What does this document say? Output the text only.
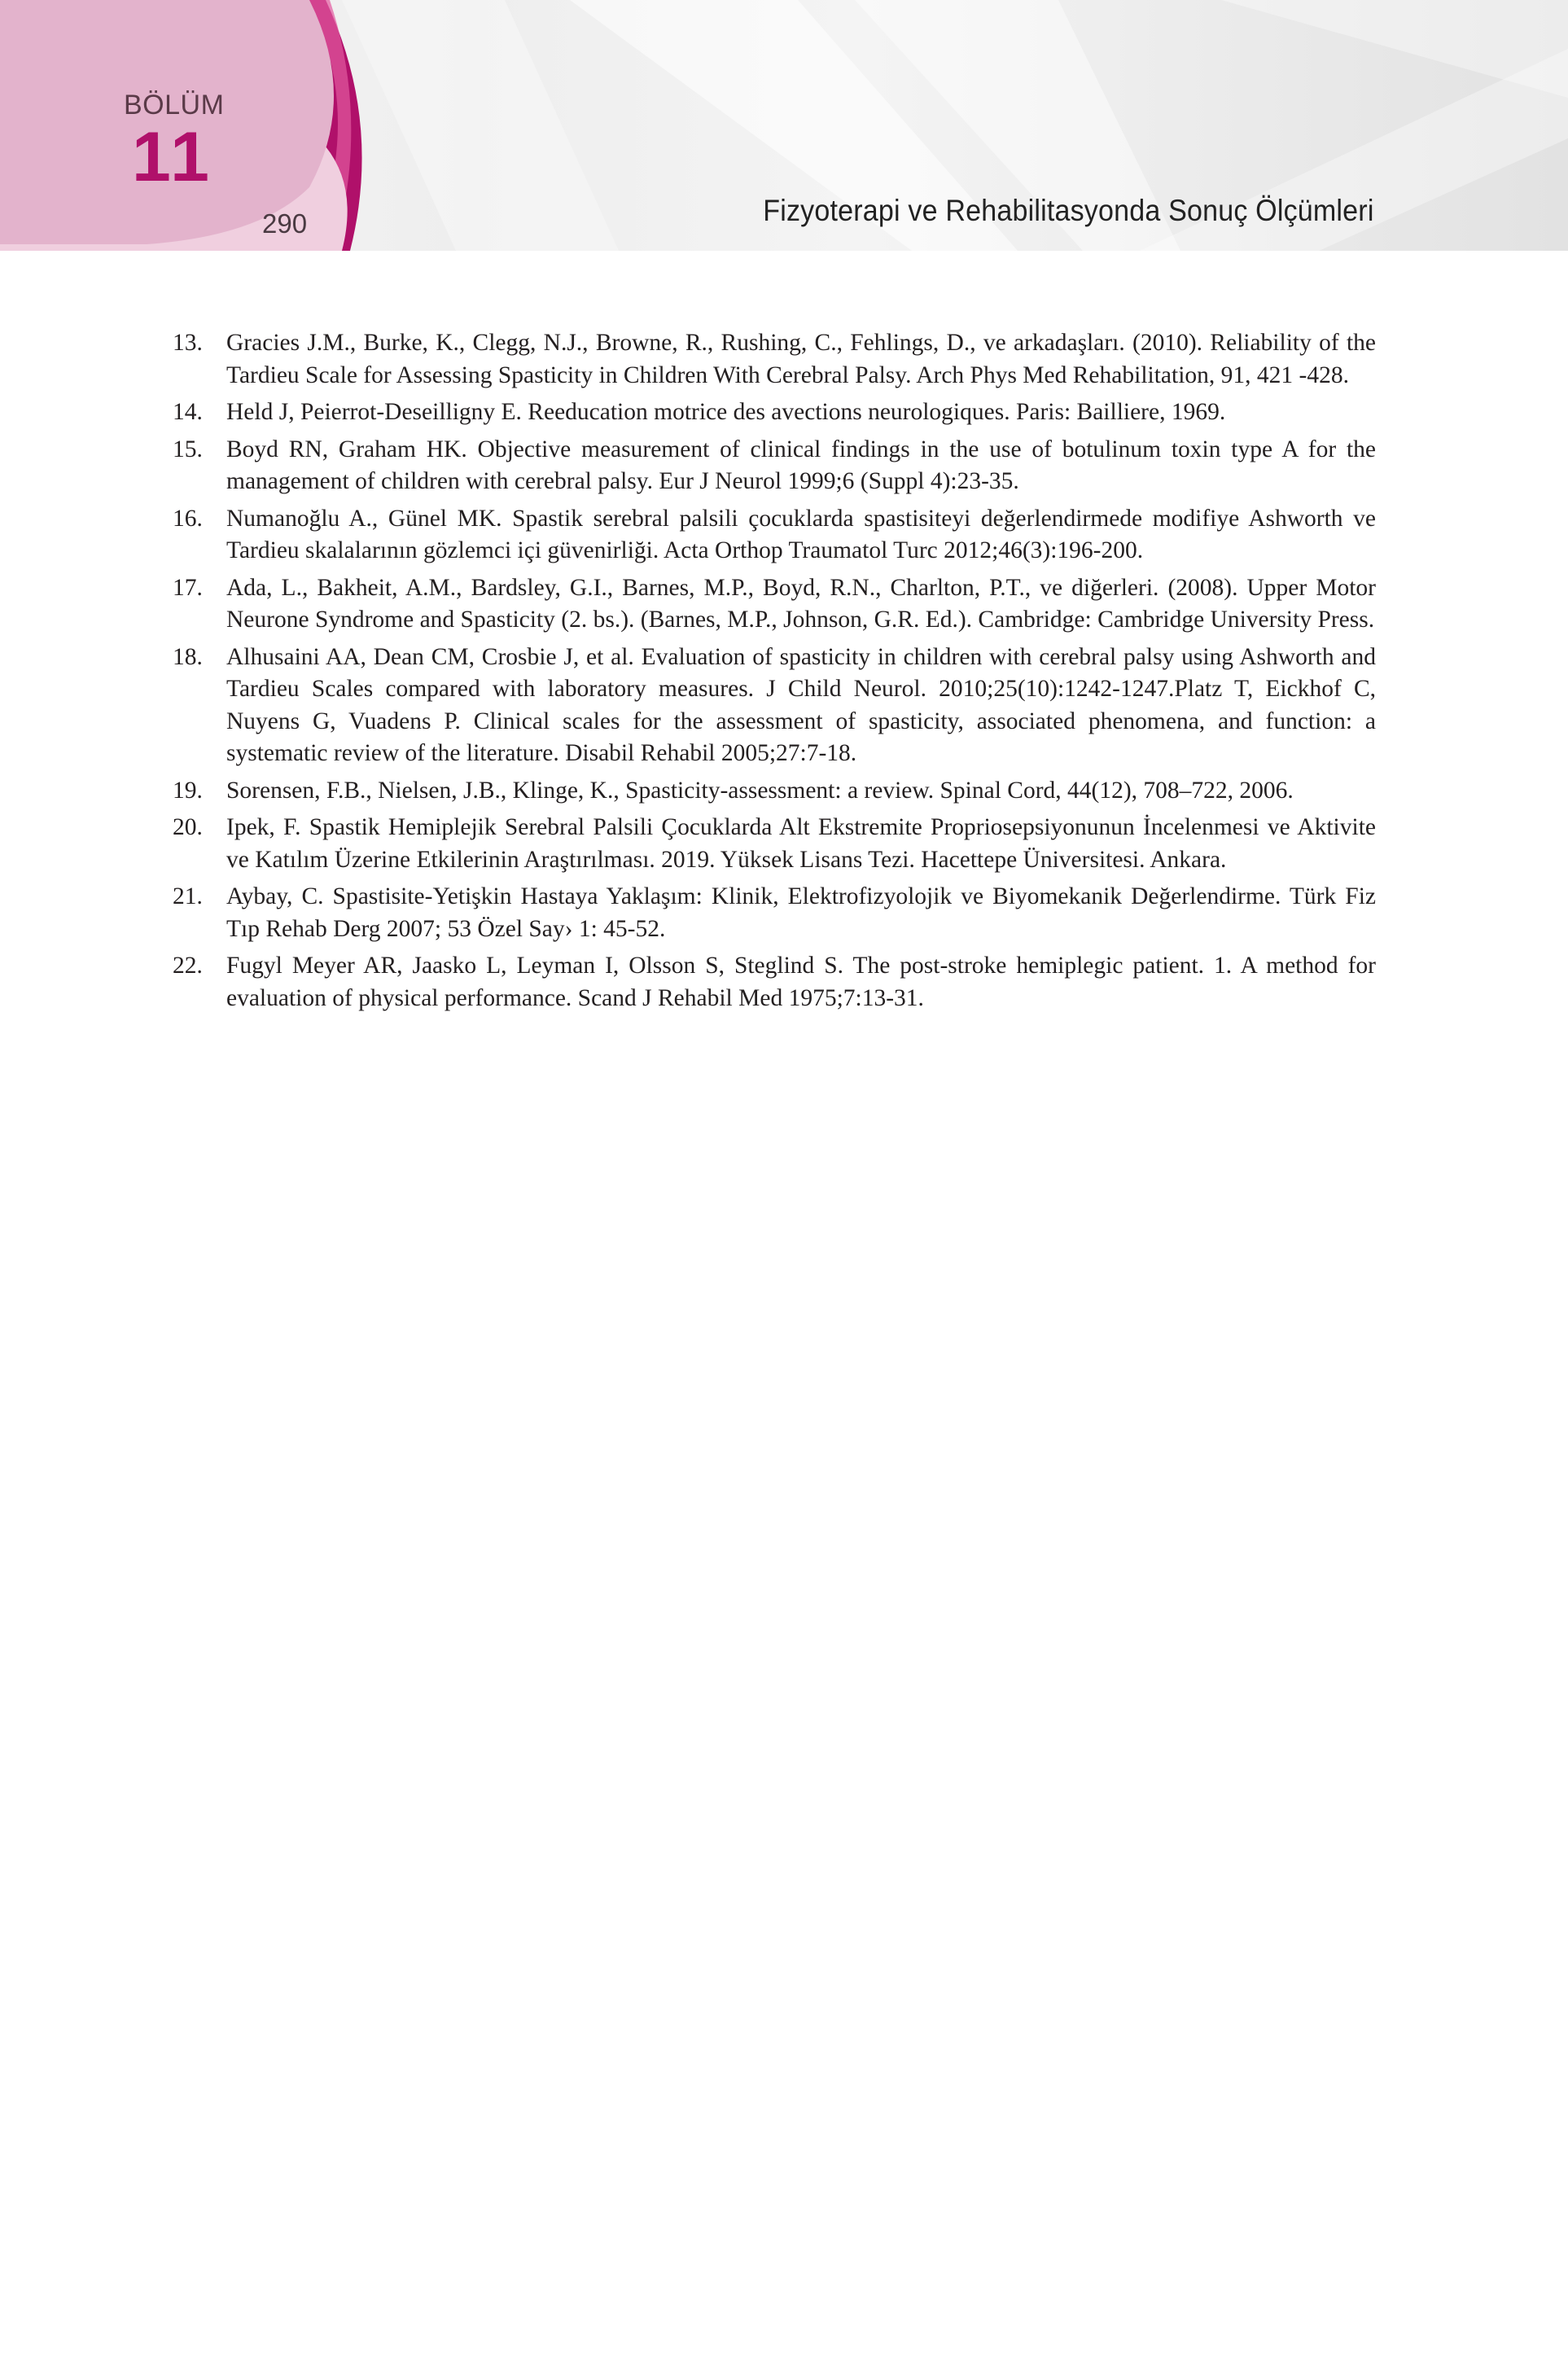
BÖLÜM
11
290	Fizyoterapi ve Rehabilitasyonda Sonuç Ölçümleri
13. Gracies J.M., Burke, K., Clegg, N.J., Browne, R., Rushing, C., Fehlings, D., ve arkadaşları. (2010). Reliability of the Tardieu Scale for Assessing Spasticity in Children With Cerebral Palsy. Arch Phys Med Rehabilitation, 91, 421 -428.
14. Held J, Peierrot-Deseilligny E. Reeducation motrice des avections neurologiques. Paris: Bailliere, 1969.
15. Boyd RN, Graham HK. Objective measurement of clinical findings in the use of botulinum toxin type A for the management of children with cerebral palsy. Eur J Neurol 1999;6 (Suppl 4):23-35.
16. Numanoğlu A., Günel MK. Spastik serebral palsili çocuklarda spastisiteyi değerlendirmede modifiye Ashworth ve Tardieu skalalarının gözlemci içi güvenirliği. Acta Orthop Traumatol Turc 2012;46(3):196-200.
17. Ada, L., Bakheit, A.M., Bardsley, G.I., Barnes, M.P., Boyd, R.N., Charlton, P.T., ve diğerleri. (2008). Upper Motor Neurone Syndrome and Spasticity (2. bs.). (Barnes, M.P., Johnson, G.R. Ed.). Cambridge: Cambridge University Press.
18. Alhusaini AA, Dean CM, Crosbie J, et al. Evaluation of spasticity in children with cerebral palsy using Ashworth and Tardieu Scales compared with laboratory measures. J Child Neurol. 2010;25(10):1242-1247.Platz T, Eickhof C, Nuyens G, Vuadens P. Clinical scales for the assessment of spasticity, associated phenomena, and function: a systematic review of the literature. Disabil Rehabil 2005;27:7-18.
19. Sorensen, F.B., Nielsen, J.B., Klinge, K., Spasticity-assessment: a review. Spinal Cord, 44(12), 708–722, 2006.
20. Ipek, F. Spastik Hemiplejik Serebral Palsili Çocuklarda Alt Ekstremite Propriosepsiyonunun İncelenmesi ve Aktivite ve Katılım Üzerine Etkilerinin Araştırılması. 2019. Yüksek Lisans Tezi. Hacettepe Üniversitesi. Ankara.
21. Aybay, C. Spastisite-Yetişkin Hastaya Yaklaşım: Klinik, Elektrofizyolojik ve Biyomekanik Değerlendirme. Türk Fiz Tıp Rehab Derg 2007; 53 Özel Say› 1: 45-52.
22. Fugyl Meyer AR, Jaasko L, Leyman I, Olsson S, Steglind S. The post-stroke hemiplegic patient. 1. A method for evaluation of physical performance. Scand J Rehabil Med 1975;7:13-31.
